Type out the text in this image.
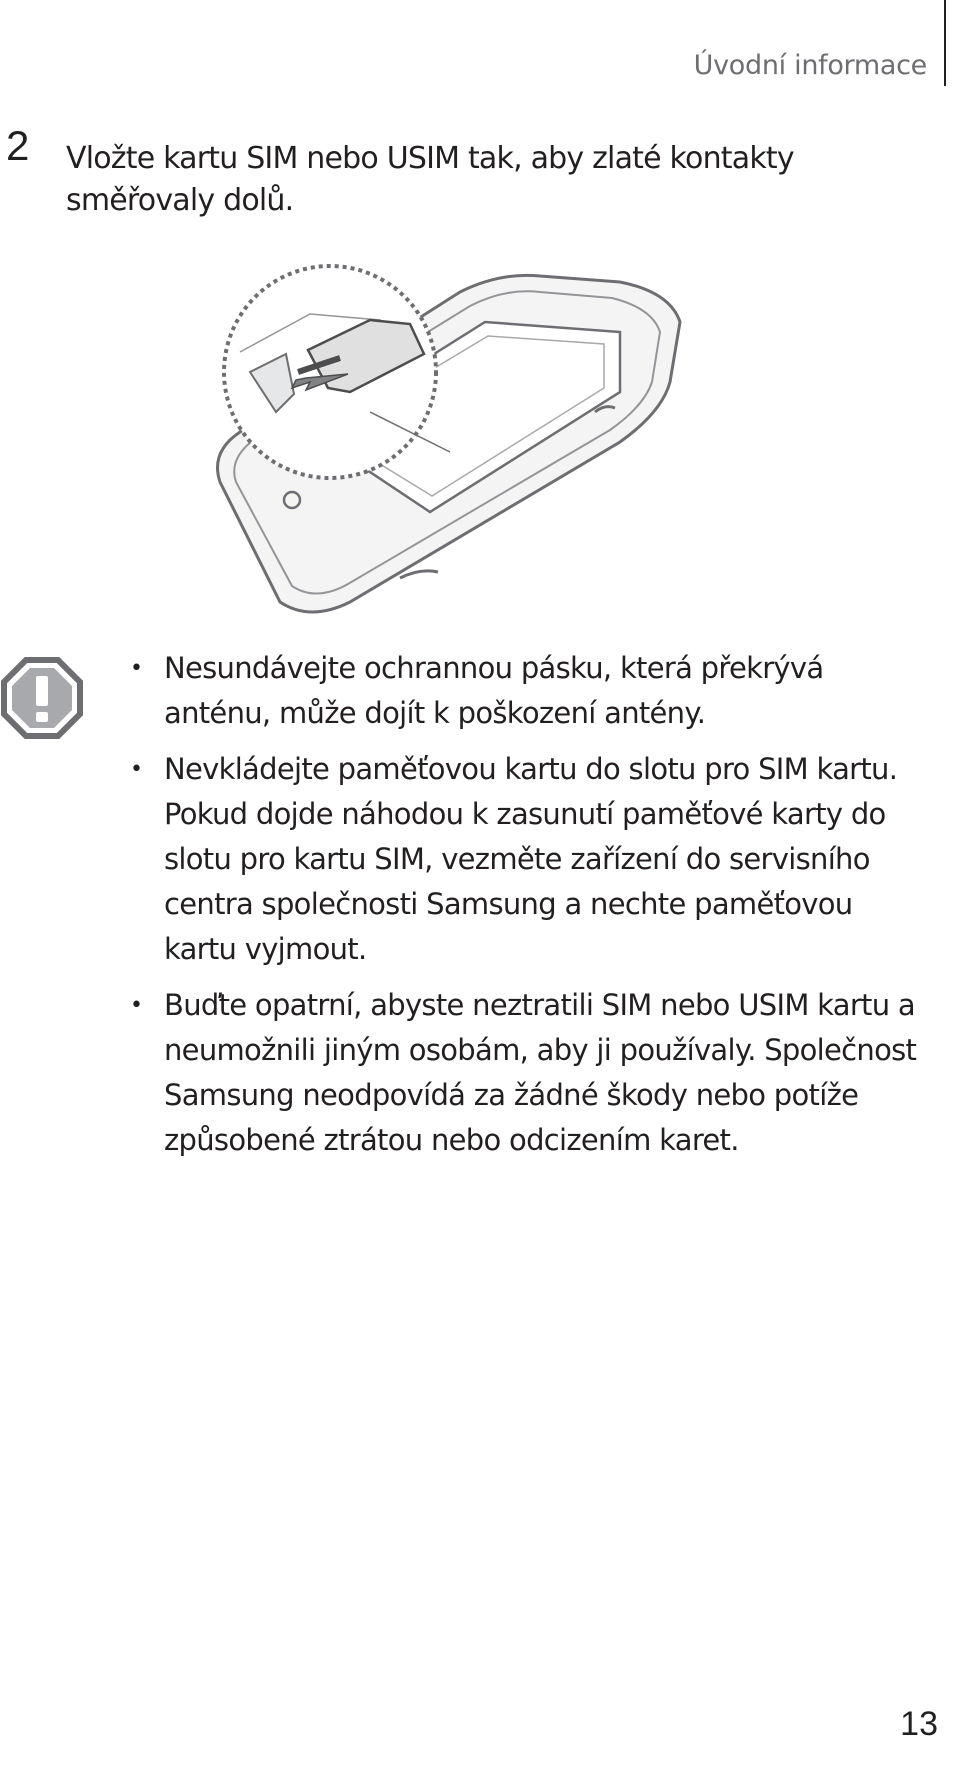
Úvodní informace
2 Vložte kartu SIM nebo USIM tak, aby zlaté kontakty směřovaly dolů.
• Nesundávejte ochrannou pásku, která překrývá anténu, může dojít k poškození antény.
• Nevkládejte paměťovou kartu do slotu pro SIM kartu. Pokud dojde náhodou k zasunutí paměťové karty do slotu pro kartu SIM, vezměte zařízení do servisního centra společnosti Samsung a nechte paměťovou kartu vyjmout.
• Buďte opatrní, abyste neztratili SIM nebo USIM kartu a neumožnili jiným osobám, aby ji používaly. Společnost Samsung neodpovídá za žádné škody nebo potíže způsobené ztrátou nebo odcizením karet.
13
